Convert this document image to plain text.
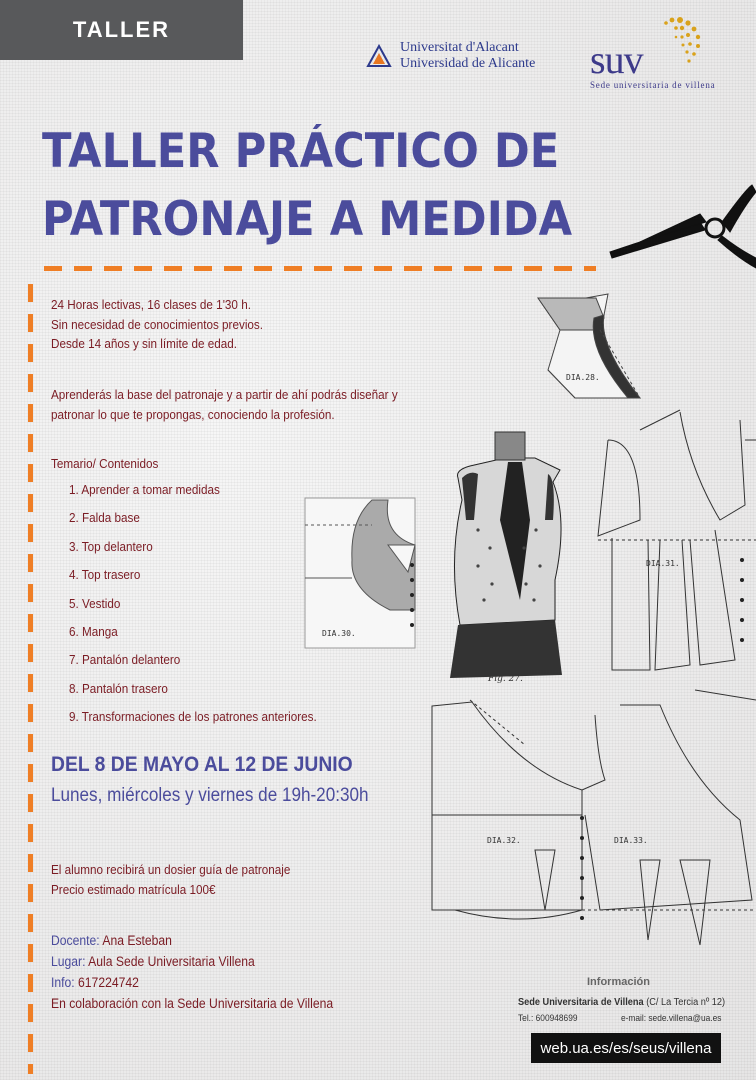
TALLER
Universitat d'Alacant
Universidad de Alicante suv
Sede universitaria de villena
TALLER PRÁCTICO DE
PATRONAJE A MEDIDA
DIA.28.
DIA.30.
Fig. 27.
DIA.31.
DIA.32.	DIA.33.
24 Horas lectivas, 16 clases de 1'30 h.
Sin necesidad de conocimientos previos.
Desde 14 años y sin límite de edad.
Aprenderás la base del patronaje y a partir de ahí podrás diseñar y
patronar lo que te propongas, conociendo la profesión.
Temario/ Contenidos
1. Aprender a tomar medidas
2. Falda base
3. Top delantero
4. Top trasero
5. Vestido
6. Manga
7. Pantalón delantero
8. Pantalón trasero
9. Transformaciones de los patrones anteriores.
DEL 8 DE MAYO AL 12 DE JUNIO
Lunes, miércoles y viernes de 19h-20:30h
El alumno recibirá un dosier guía de patronaje
Precio estimado matrícula 100€
Docente: Ana Esteban
Lugar: Aula Sede Universitaria Villena
Info: 617224742
En colaboración con la Sede Universitaria de Villena
Información
Sede Universitaria de Villena (C/ La Tercia nº 12)
Tel.: 600948699	e-mail: sede.villena@ua.es
web.ua.es/es/seus/villena
